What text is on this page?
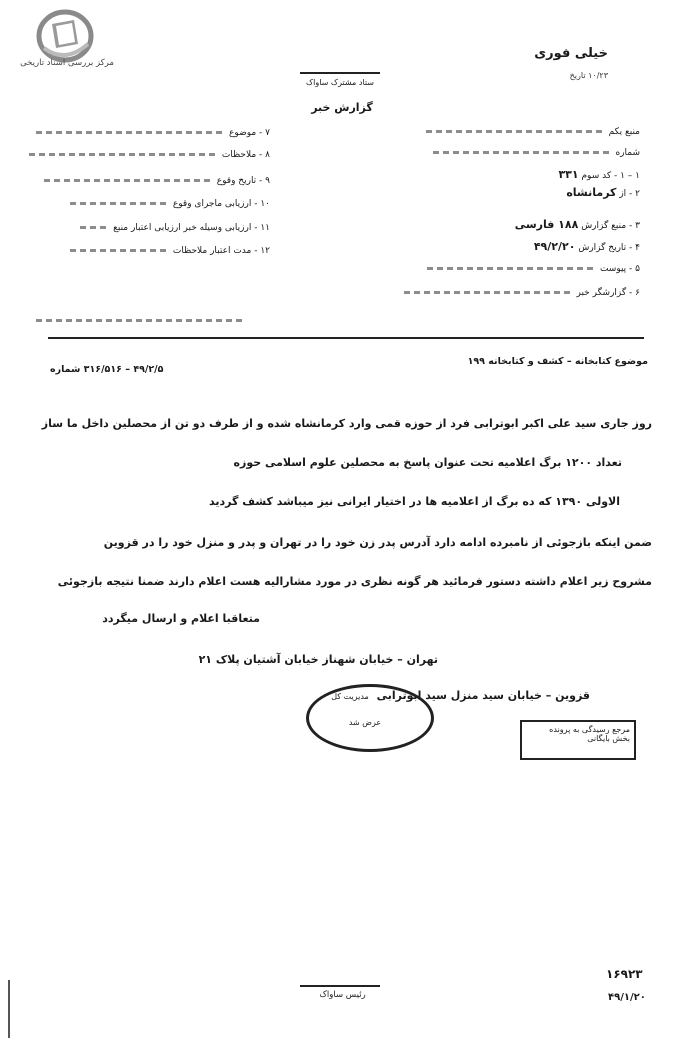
مرکز بررسی اسناد تاریخی
خیلی فوری
۱۰/۲۳ تاریخ
ستاد مشترک ساواک
گزارش خبر
منبع یکم
شماره
۱ – ۱ - کد سوم ۳۳۱
۲ - از کرمانشاه
۳ - منبع گزارش ۱۸۸ فارسی
۴ - تاریخ گزارش ۴۹/۲/۲۰
۵ - پیوست
۶ - گزارشگر خبر
۷ - موضوع
۸ - ملاحظات
۹ - تاریخ وقوع
۱۰ - ارزیابی ماجرای وقوع
۱۱ - ارزیابی وسیله خبر ارزیابی اعتبار منبع
۱۲ - مدت اعتبار ملاحظات
موضوع کتابخانه – کشف و کتابخانه ۱۹۹
۴۹/۲/۵ – ۳۱۶/۵۱۶ شماره
روز جاری سید علی اکبر ابوترابی فرد از حوزه قمی وارد کرمانشاه شده و از طرف دو تن از محصلین داخل ما ساز
تعداد ۱۲۰۰ برگ اعلامیه تحت عنوان پاسخ به محصلین علوم اسلامی حوزه
الاولی ۱۳۹۰ که ده برگ از اعلامیه ها در اختیار ایرانی نیز میباشد کشف گردید
ضمن اینکه بازجوئی از نامبرده ادامه دارد آدرس پدر زن خود را در تهران و پدر و منزل خود را در قزوین
مشروح زیر اعلام داشته دستور فرمائید هر گونه نظری در مورد مشارالیه هست اعلام دارند ضمنا نتیجه بازجوئی
متعاقبا اعلام و ارسال میگردد
تهران – خیابان شهناز خیابان آشتیان پلاک ۲۱
قزوین – خیابان سید منزل سید ابوترابی
مدیریت کل
عرض شد
مرجع رسیدگی به پرونده
بخش بایگانی
۱۶۹۲۳
۴۹/۱/۲۰
رئیس ساواک
